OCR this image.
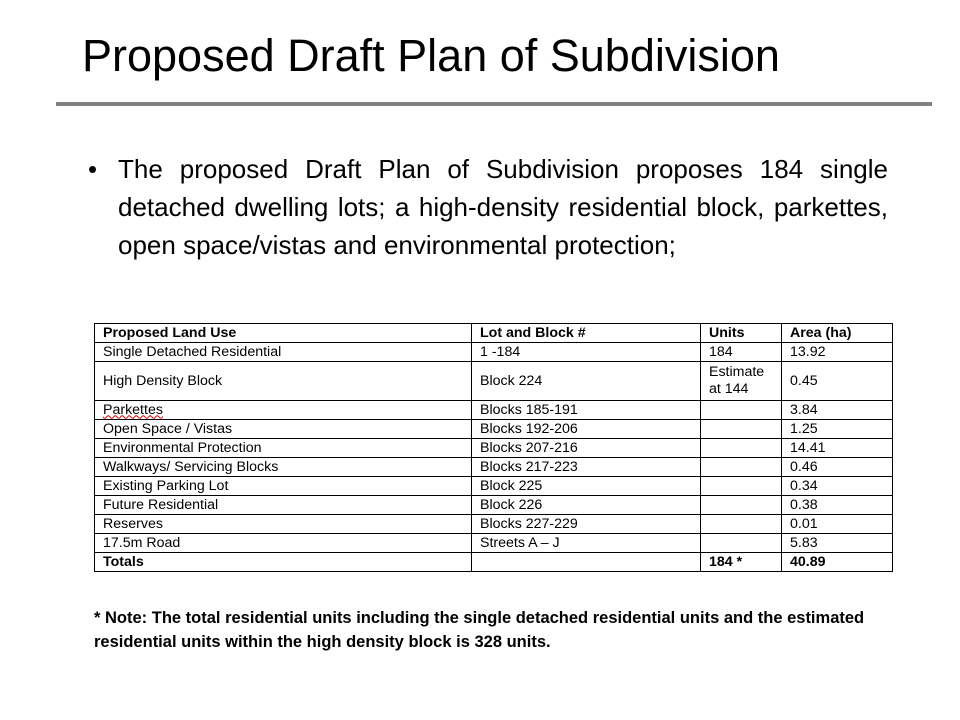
Proposed Draft Plan of Subdivision
• The proposed Draft Plan of Subdivision proposes 184 single detached dwelling lots; a high-density residential block, parkettes, open space/vistas and environmental protection;
Proposed Land Use	Lot and Block #	Units	Area (ha)
Single Detached Residential	1 -184	184	13.92
High Density Block	Block 224	Estimate at 144	0.45
Parkettes	Blocks 185-191		3.84
Open Space / Vistas	Blocks 192-206		1.25
Environmental Protection	Blocks 207-216		14.41
Walkways/ Servicing Blocks	Blocks 217-223		0.46
Existing Parking Lot	Block 225		0.34
Future Residential	Block 226		0.38
Reserves	Blocks 227-229		0.01
17.5m Road	Streets A – J		5.83
Totals		184 *	40.89
* Note: The total residential units including the single detached residential units and the estimated residential units within the high density block is 328 units.
